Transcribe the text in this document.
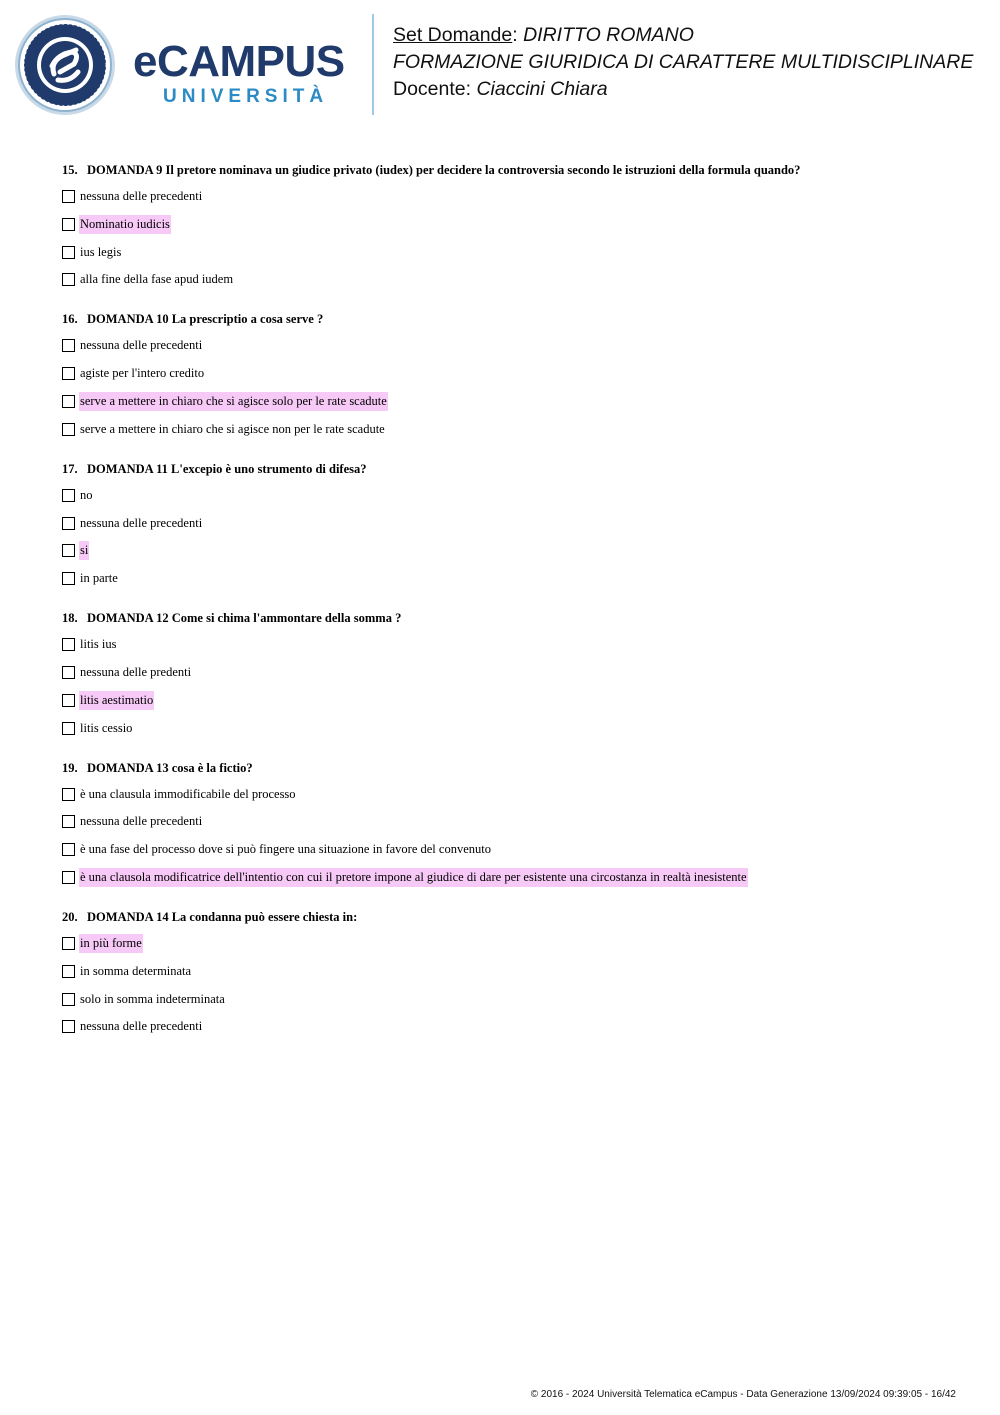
eCAMPUS
UNIVERSITÀ
Set Domande: DIRITTO ROMANO
FORMAZIONE GIURIDICA DI CARATTERE MULTIDISCIPLINARE
Docente: Ciaccini Chiara
15. DOMANDA 9 Il pretore nominava un giudice privato (iudex) per decidere la controversia secondo le istruzioni della formula quando?
nessuna delle precedenti
Nominatio iudicis
ius legis
alla fine della fase apud iudem
16. DOMANDA 10 La prescriptio a cosa serve ?
nessuna delle precedenti
agiste per l'intero credito
serve a mettere in chiaro che si agisce solo per le rate scadute
serve a mettere in chiaro che si agisce non per le rate scadute
17. DOMANDA 11 L'excepio è uno strumento di difesa?
no
nessuna delle precedenti
si
in parte
18. DOMANDA 12 Come si chima l'ammontare della somma ?
litis ius
nessuna delle predenti
litis aestimatio
litis cessio
19. DOMANDA 13 cosa è la fictio?
è una clausula immodificabile del processo
nessuna delle precedenti
è una fase del processo dove si può fingere una situazione in favore del convenuto
è una clausola modificatrice dell'intentio con cui il pretore impone al giudice di dare per esistente una circostanza in realtà inesistente
20. DOMANDA 14 La condanna può essere chiesta in:
in più forme
in somma determinata
solo in somma indeterminata
nessuna delle precedenti
© 2016 - 2024 Università Telematica eCampus - Data Generazione 13/09/2024 09:39:05 - 16/42
